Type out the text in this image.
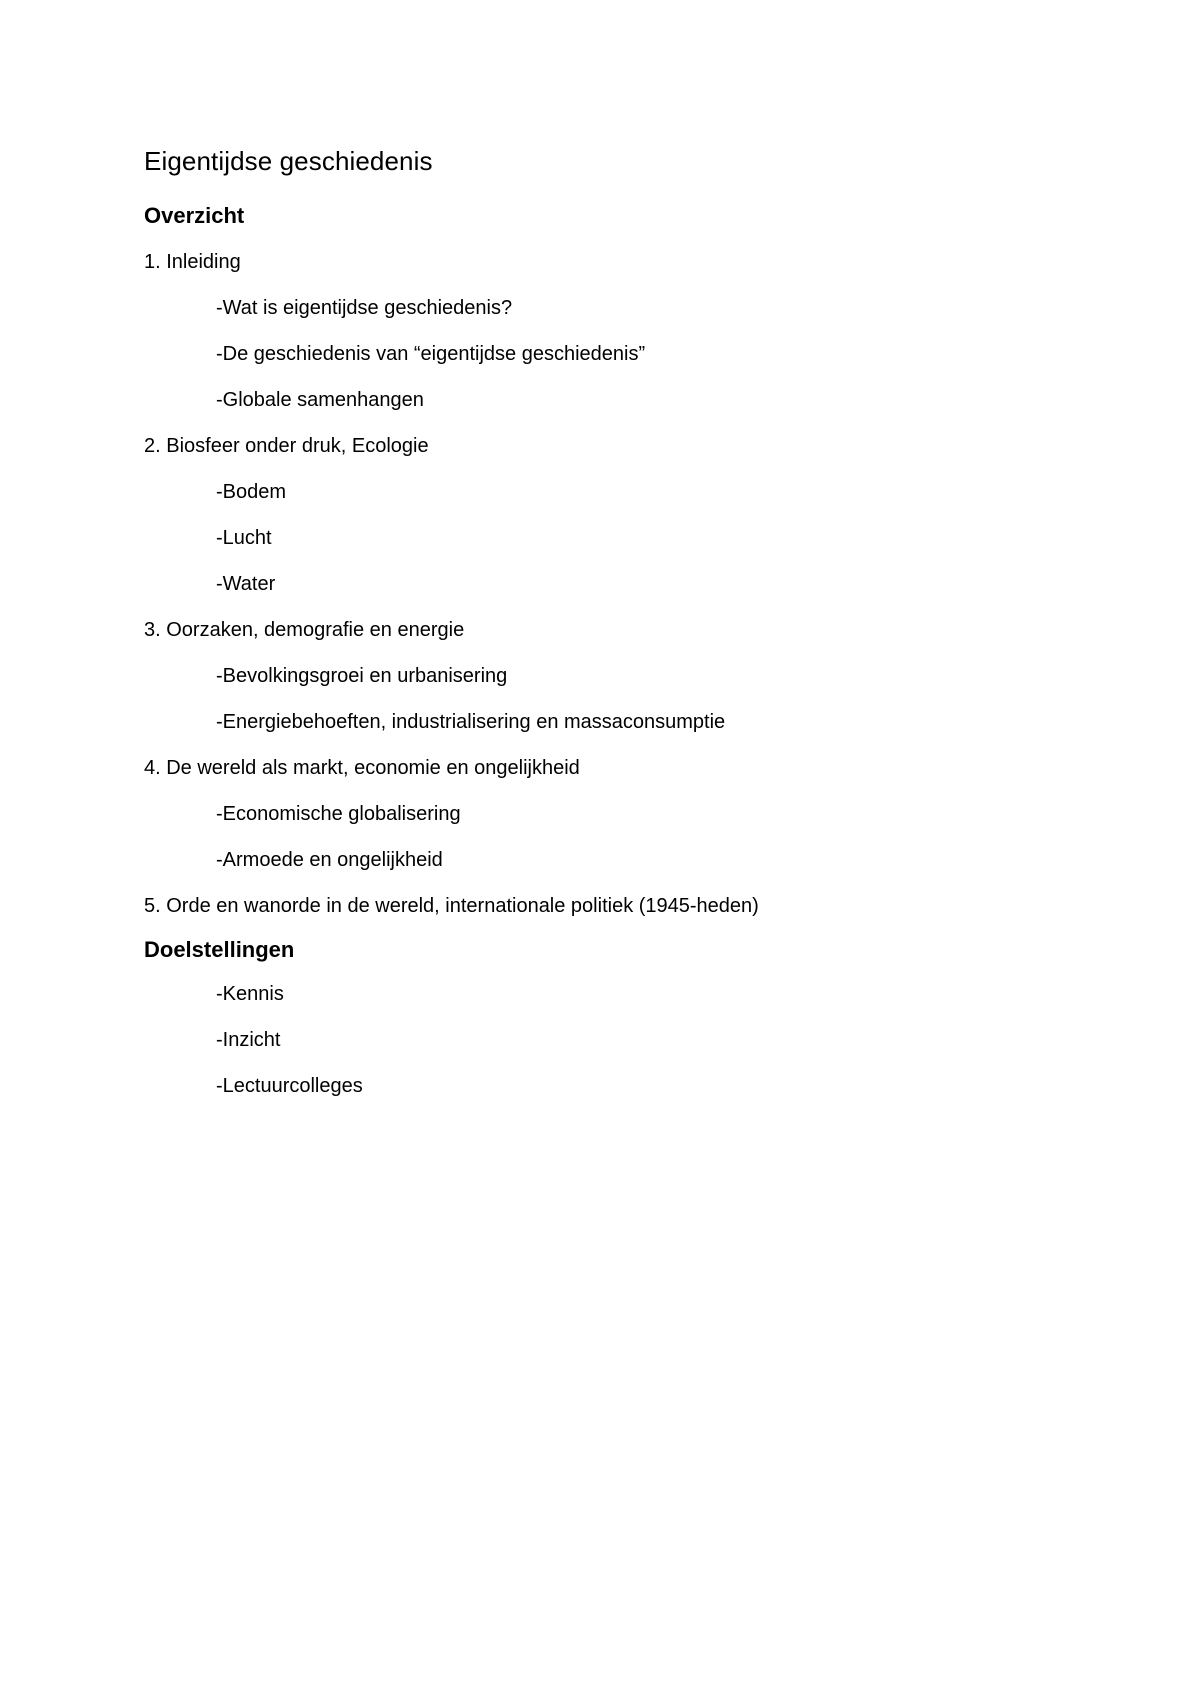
Eigentijdse geschiedenis
Overzicht
1. Inleiding
-Wat is eigentijdse geschiedenis?
-De geschiedenis van “eigentijdse geschiedenis”
-Globale samenhangen
2. Biosfeer onder druk, Ecologie
-Bodem
-Lucht
-Water
3. Oorzaken, demografie en energie
-Bevolkingsgroei en urbanisering
-Energiebehoeften, industrialisering en massaconsumptie
4. De wereld als markt, economie en ongelijkheid
-Economische globalisering
-Armoede en ongelijkheid
5. Orde en wanorde in de wereld, internationale politiek (1945-heden)
Doelstellingen
-Kennis
-Inzicht
-Lectuurcolleges
